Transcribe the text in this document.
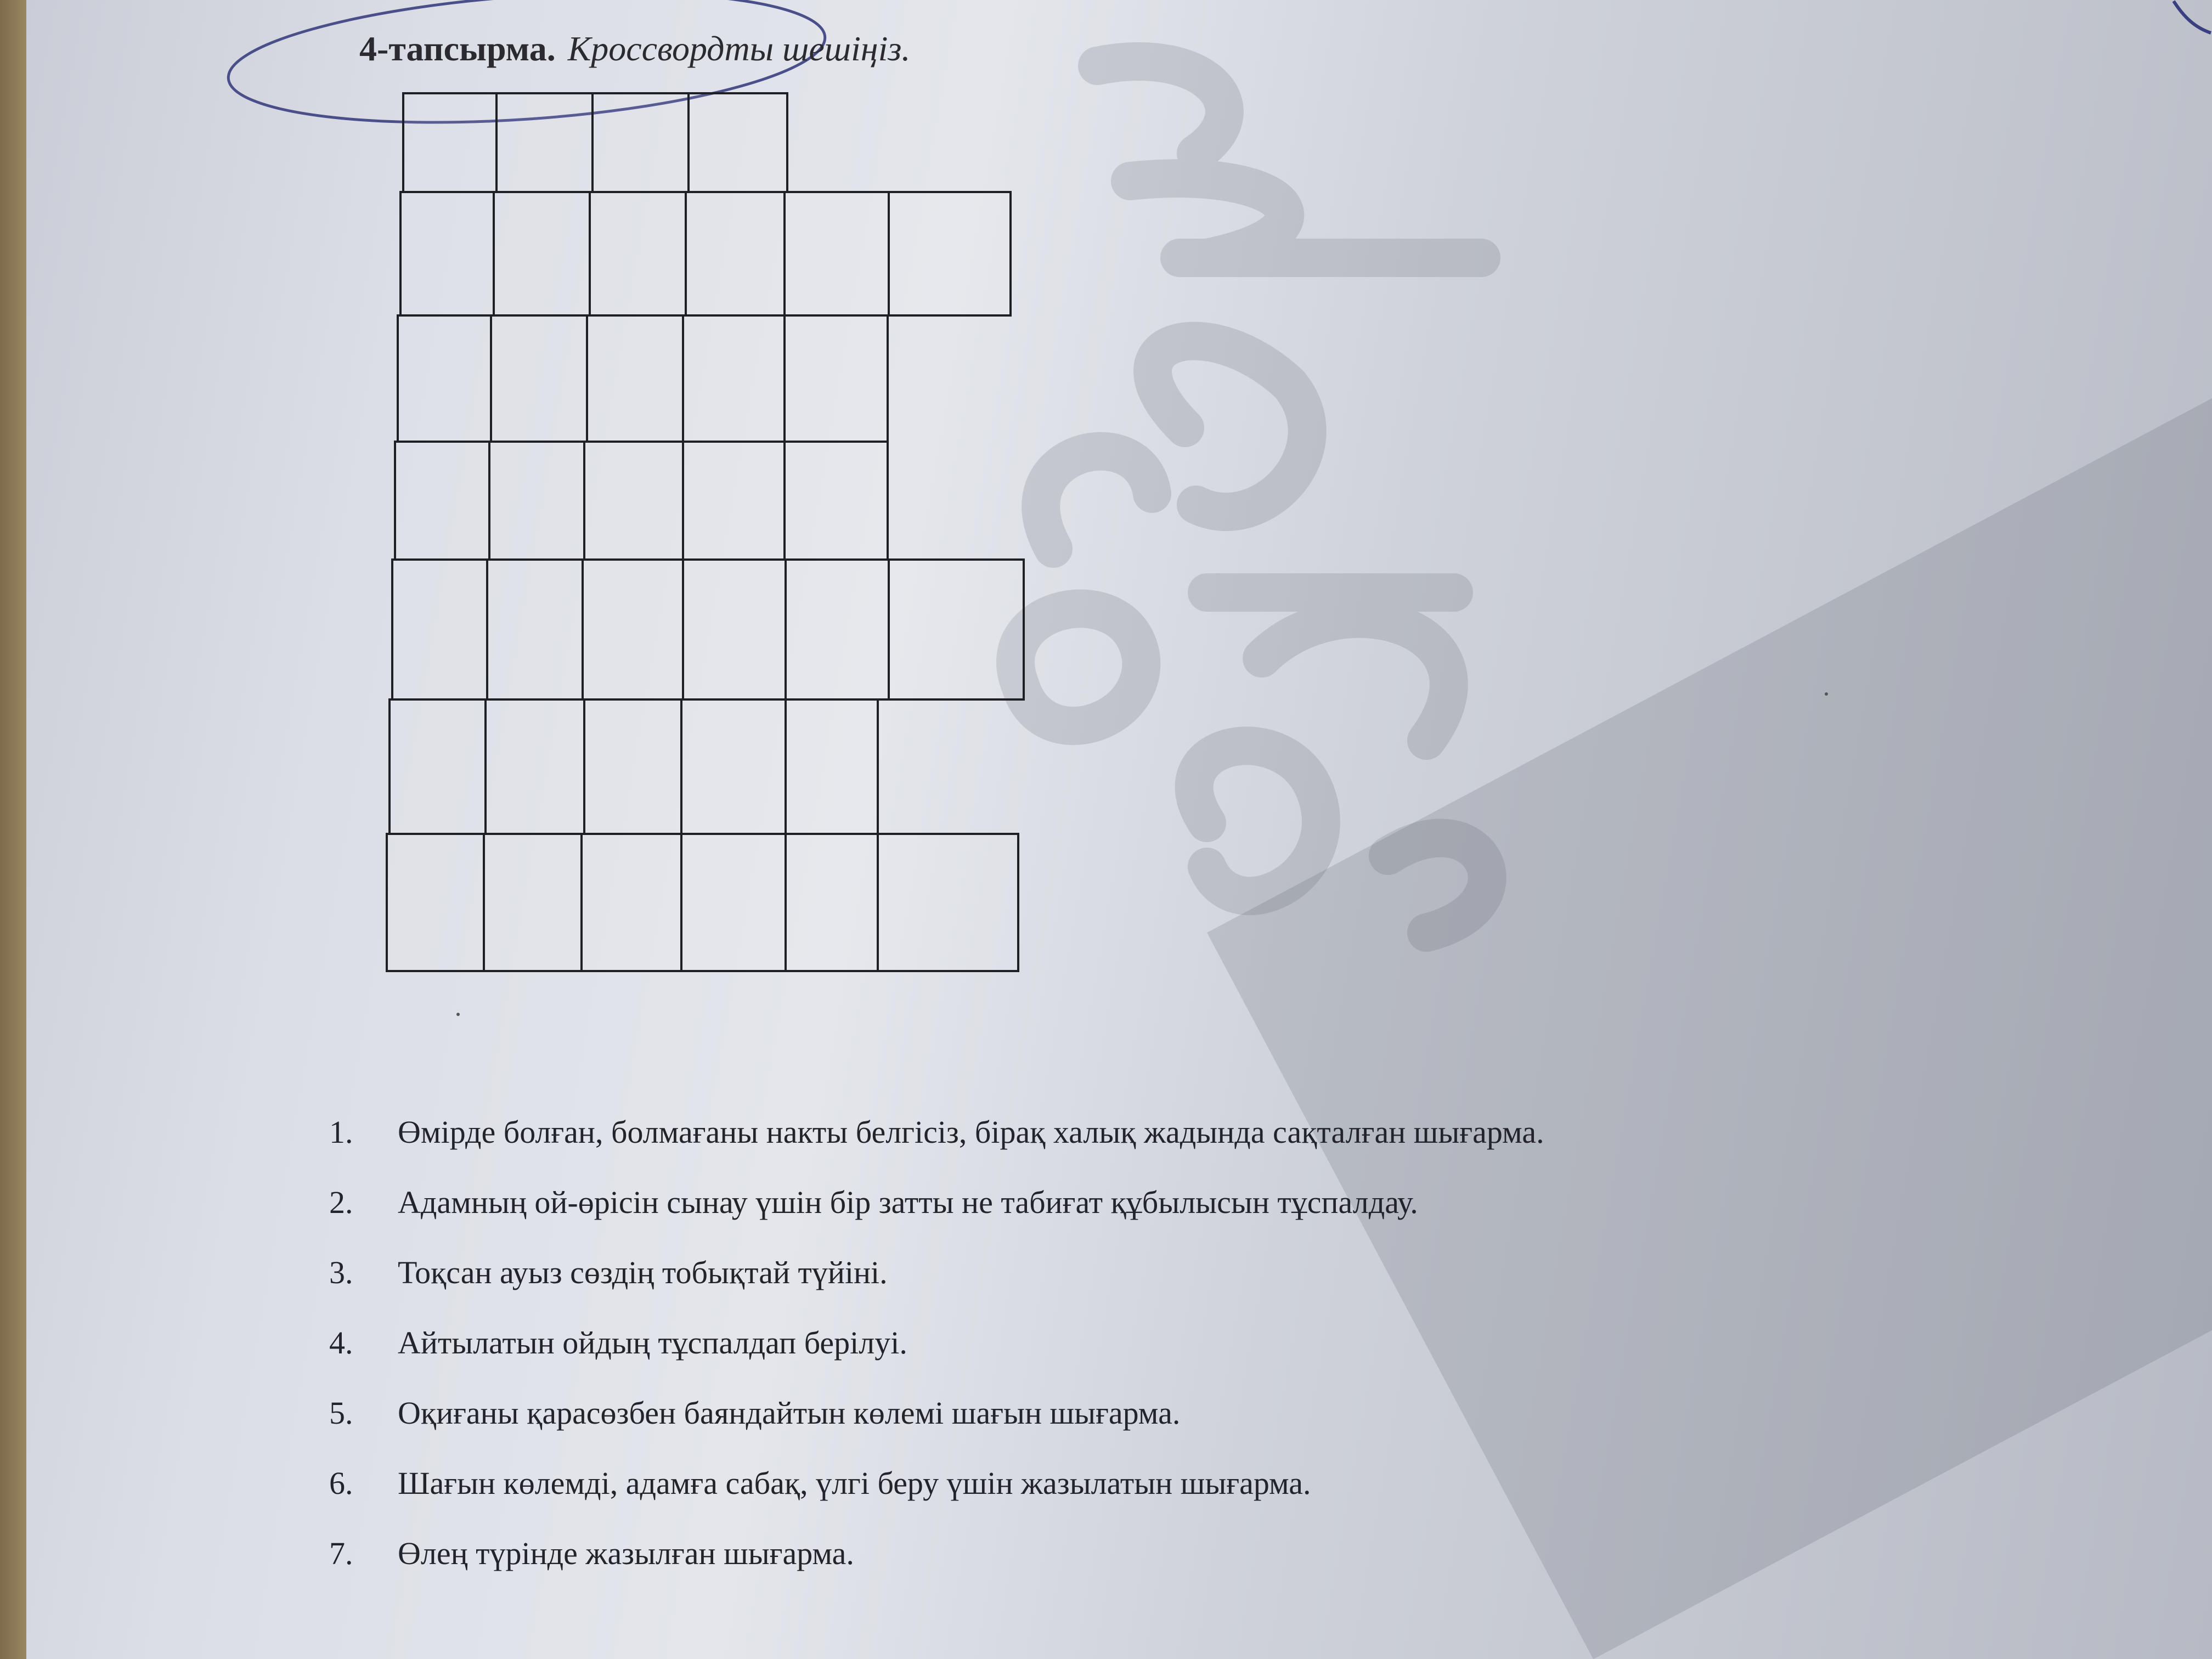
4-тапсырма. Кроссвордты шешіңіз.
1.	Өмірде болған, болмағаны накты белгісіз, бірақ халық жадында сақталған шығарма.
2.	Адамның ой-өрісін сынау үшін бір затты не табиғат құбылысын тұспалдау.
3.	Тоқсан ауыз сөздің тобықтай түйіні.
4.	Айтылатын ойдың тұспалдап берілуі.
5.	Оқиғаны қарасөзбен баяндайтын көлемі шағын шығарма.
6.	Шағын көлемді, адамға сабақ, үлгі беру үшін жазылатын шығарма.
7.	Өлең түрінде жазылған шығарма.
